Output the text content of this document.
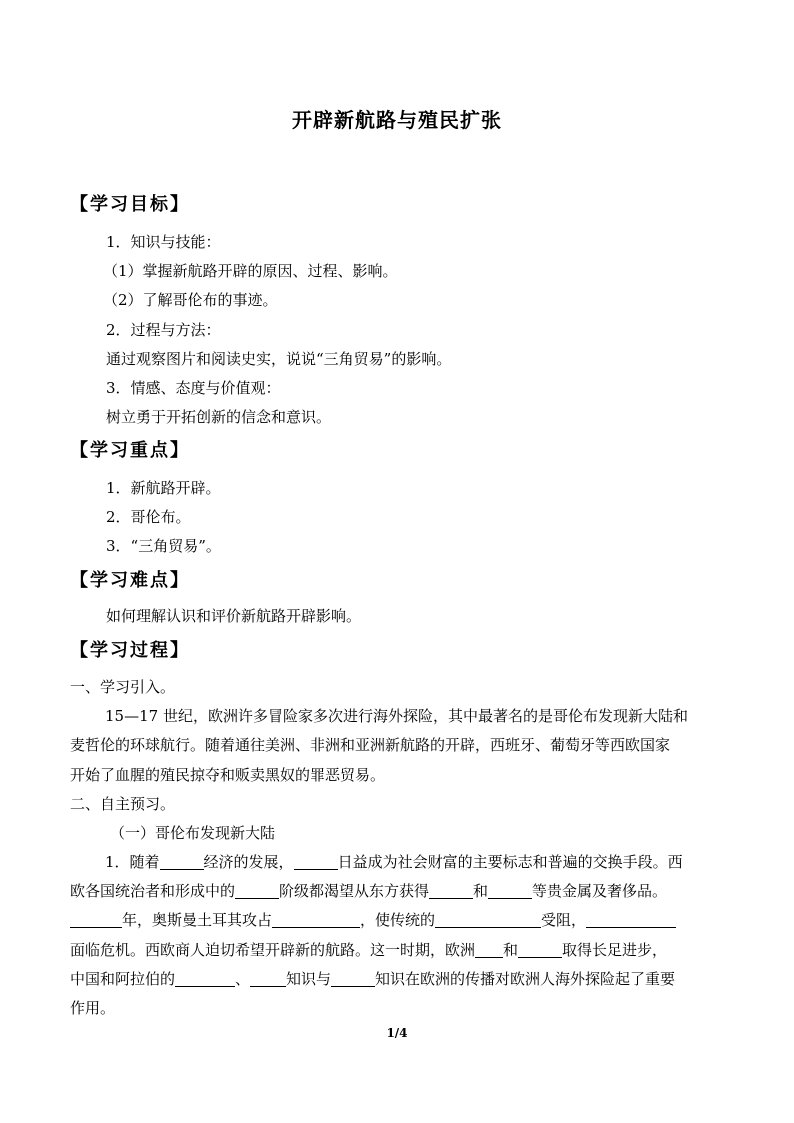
开辟新航路与殖民扩张
【学习目标】
1．知识与技能：
（1）掌握新航路开辟的原因、过程、影响。
（2）了解哥伦布的事迹。
2．过程与方法：
通过观察图片和阅读史实，说说“三角贸易”的影响。
3．情感、态度与价值观：
树立勇于开拓创新的信念和意识。
【学习重点】
1．新航路开辟。
2．哥伦布。
3．“三角贸易”。
【学习难点】
如何理解认识和评价新航路开辟影响。
【学习过程】
一、学习引入。
15—17 世纪，欧洲许多冒险家多次进行海外探险，其中最著名的是哥伦布发现新大陆和
麦哲伦的环球航行。随着通往美洲、非洲和亚洲新航路的开辟，西班牙、葡萄牙等西欧国家
开始了血腥的殖民掠夺和贩卖黑奴的罪恶贸易。
二、自主预习。
（一）哥伦布发现新大陆
1．随着	经济的发展，	日益成为社会财富的主要标志和普遍的交换手段。西
欧各国统治者和形成中的	阶级都渴望从东方获得	和	等贵金属及奢侈品。
年，奥斯曼土耳其攻占	，使传统的	受阻，
面临危机。西欧商人迫切希望开辟新的航路。这一时期，欧洲 和	取得长足进步，
中国和阿拉伯的	、 知识与	知识在欧洲的传播对欧洲人海外探险起了重要
作用。
1/4
